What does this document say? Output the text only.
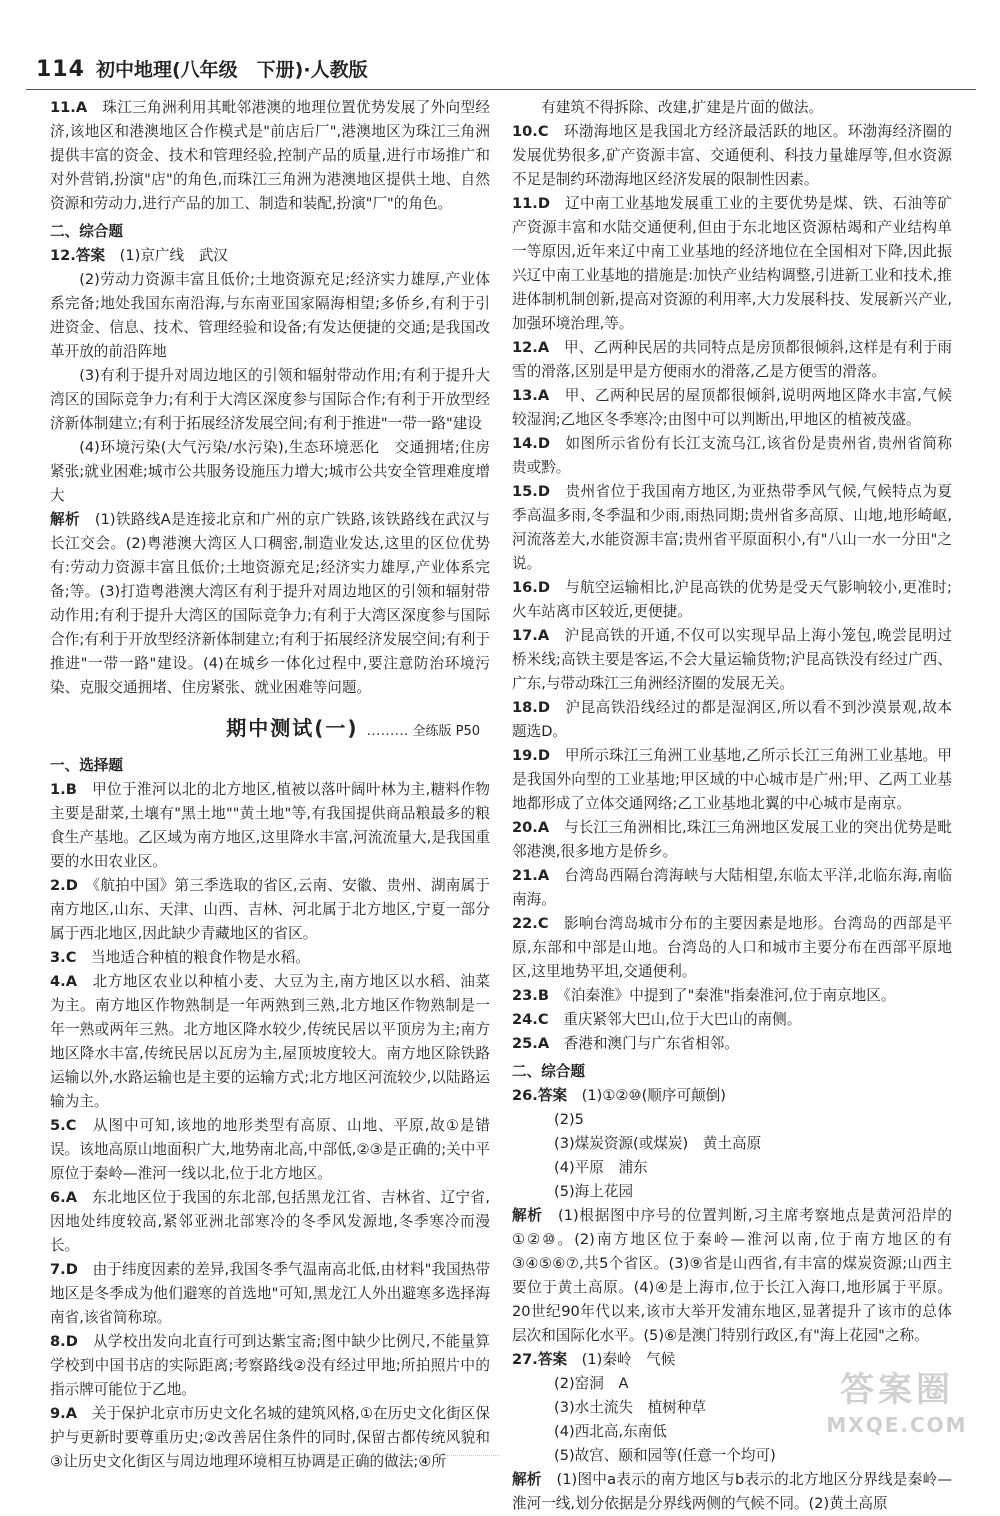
114 初中地理(八年级　下册)·人教版

11.A　 珠江三角洲利用其毗邻港澳的地理位置优势发展了外向型经济,该地区和港澳地区合作模式是"前店后厂",港澳地区为珠江三角洲提供丰富的资金、技术和管理经验,控制产品的质量,进行市场推广和对外营销,扮演"店"的角色,而珠江三角洲为港澳地区提供土地、自然资源和劳动力,进行产品的加工、制造和装配,扮演"厂"的角色。

二、综合题

12.答案　 (1)京广线　武汉

(2)劳动力资源丰富且低价;土地资源充足;经济实力雄厚,产业体系完备;地处我国东南沿海,与东南亚国家隔海相望;多侨乡,有利于引进资金、信息、技术、管理经验和设备;有发达便捷的交通;是我国改革开放的前沿阵地

(3)有利于提升对周边地区的引领和辐射带动作用;有利于提升大湾区的国际竞争力;有利于大湾区深度参与国际合作;有利于开放型经济新体制建立;有利于拓展经济发展空间;有利于推进"一带一路"建设

(4)环境污染(大气污染/水污染),生态环境恶化　交通拥堵;住房紧张;就业困难;城市公共服务设施压力增大;城市公共安全管理难度增大

解析　 (1)铁路线A是连接北京和广州的京广铁路,该铁路线在武汉与长江交会。(2)粤港澳大湾区人口稠密,制造业发达,这里的区位优势有:劳动力资源丰富且低价;土地资源充足;经济实力雄厚,产业体系完备;等。(3)打造粤港澳大湾区有利于提升对周边地区的引领和辐射带动作用;有利于提升大湾区的国际竞争力;有利于大湾区深度参与国际合作;有利于开放型经济新体制建立;有利于拓展经济发展空间;有利于推进"一带一路"建设。(4)在城乡一体化过程中,要注意防治环境污染、克服交通拥堵、住房紧张、就业困难等问题。

期中测试(一) ……… 全练版 P50

一、选择题

1.B　 甲位于淮河以北的北方地区,植被以落叶阔叶林为主,糖料作物主要是甜菜,土壤有"黑土地""黄土地"等,有我国提供商品粮最多的粮食生产基地。乙区域为南方地区,这里降水丰富,河流流量大,是我国重要的水田农业区。

2.D　 《航拍中国》第三季选取的省区,云南、安徽、贵州、湖南属于南方地区,山东、天津、山西、吉林、河北属于北方地区,宁夏一部分属于西北地区,因此缺少青藏地区的省区。

3.C　 当地适合种植的粮食作物是水稻。

4.A　 北方地区农业以种植小麦、大豆为主,南方地区以水稻、油菜为主。南方地区作物熟制是一年两熟到三熟,北方地区作物熟制是一年一熟或两年三熟。北方地区降水较少,传统民居以平顶房为主;南方地区降水丰富,传统民居以瓦房为主,屋顶坡度较大。南方地区除铁路运输以外,水路运输也是主要的运输方式;北方地区河流较少,以陆路运输为主。

5.C　 从图中可知,该地的地形类型有高原、山地、平原,故①是错误。该地高原山地面积广大,地势南北高,中部低,②③是正确的;关中平原位于秦岭—淮河一线以北,位于北方地区。

6.A　 东北地区位于我国的东北部,包括黑龙江省、吉林省、辽宁省,因地处纬度较高,紧邻亚洲北部寒冷的冬季风发源地,冬季寒冷而漫长。

7.D　 由于纬度因素的差异,我国冬季气温南高北低,由材料"我国热带地区是冬季成为他们避寒的首选地"可知,黑龙江人外出避寒多选择海南省,该省简称琼。

8.D　 从学校出发向北直行可到达紫宝斋;图中缺少比例尺,不能量算学校到中国书店的实际距离;考察路线②没有经过甲地;所拍照片中的指示牌可能位于乙地。

9.A　 关于保护北京市历史文化名城的建筑风格,①在历史文化街区保护与更新时要尊重历史;②改善居住条件的同时,保留古都传统风貌和③让历史文化街区与周边地理环境相互协调是正确的做法;④所

有建筑不得拆除、改建,扩建是片面的做法。

10.C　 环渤海地区是我国北方经济最活跃的地区。环渤海经济圈的发展优势很多,矿产资源丰富、交通便利、科技力量雄厚等,但水资源不足是制约环渤海地区经济发展的限制性因素。

11.D　 辽中南工业基地发展重工业的主要优势是煤、铁、石油等矿产资源丰富和水陆交通便利,但由于东北地区资源枯竭和产业结构单一等原因,近年来辽中南工业基地的经济地位在全国相对下降,因此振兴辽中南工业基地的措施是:加快产业结构调整,引进新工业和技术,推进体制机制创新,提高对资源的利用率,大力发展科技、发展新兴产业,加强环境治理,等。

12.A　 甲、乙两种民居的共同特点是房顶都很倾斜,这样是有利于雨雪的滑落,区别是甲是方便雨水的滑落,乙是方便雪的滑落。

13.A　 甲、乙两种民居的屋顶都很倾斜,说明两地区降水丰富,气候较湿润;乙地区冬季寒冷;由图中可以判断出,甲地区的植被茂盛。

14.D　 如图所示省份有长江支流乌江,该省份是贵州省,贵州省简称贵或黔。

15.D　 贵州省位于我国南方地区,为亚热带季风气候,气候特点为夏季高温多雨,冬季温和少雨,雨热同期;贵州省多高原、山地,地形崎岖,河流落差大,水能资源丰富;贵州省平原面积小,有"八山一水一分田"之说。

16.D　 与航空运输相比,沪昆高铁的优势是受天气影响较小,更准时;火车站离市区较近,更便捷。

17.A　 沪昆高铁的开通,不仅可以实现早品上海小笼包,晚尝昆明过桥米线;高铁主要是客运,不会大量运输货物;沪昆高铁没有经过广西、广东,与带动珠江三角洲经济圈的发展无关。

18.D　 沪昆高铁沿线经过的都是湿润区,所以看不到沙漠景观,故本题选D。

19.D　 甲所示珠江三角洲工业基地,乙所示长江三角洲工业基地。甲是我国外向型的工业基地;甲区域的中心城市是广州;甲、乙两工业基地都形成了立体交通网络;乙工业基地北翼的中心城市是南京。

20.A　 与长江三角洲相比,珠江三角洲地区发展工业的突出优势是毗邻港澳,很多地方是侨乡。

21.A　 台湾岛西隔台湾海峡与大陆相望,东临太平洋,北临东海,南临南海。

22.C　 影响台湾岛城市分布的主要因素是地形。台湾岛的西部是平原,东部和中部是山地。台湾岛的人口和城市主要分布在西部平原地区,这里地势平坦,交通便利。

23.B　 《泊秦淮》中提到了"秦淮"指秦淮河,位于南京地区。

24.C　 重庆紧邻大巴山,位于大巴山的南侧。

25.A　 香港和澳门与广东省相邻。

二、综合题

26.答案　 (1)①②⑩(顺序可颠倒)

(2)5

(3)煤炭资源(或煤炭)　黄土高原

(4)平原　浦东

(5)海上花园

解析　 (1)根据图中序号的位置判断,习主席考察地点是黄河沿岸的①②⑩。(2)南方地区位于秦岭—淮河以南,位于南方地区的有③④⑤⑥⑦,共5个省区。(3)⑨省是山西省,有丰富的煤炭资源;山西主要位于黄土高原。(4)④是上海市,位于长江入海口,地形属于平原。20世纪90年代以来,该市大举开发浦东地区,显著提升了该市的总体层次和国际化水平。(5)⑥是澳门特别行政区,有"海上花园"之称。

27.答案　 (1)秦岭　气候

(2)窑洞　A

(3)水土流失　植树种草

(4)西北高,东南低

(5)故宫、颐和园等(任意一个均可)

解析　 (1)图中a表示的南方地区与b表示的北方地区分界线是秦岭—淮河一线,划分依据是分界线两侧的气候不同。(2)黄土高原

答案圈
MXQE.COM
